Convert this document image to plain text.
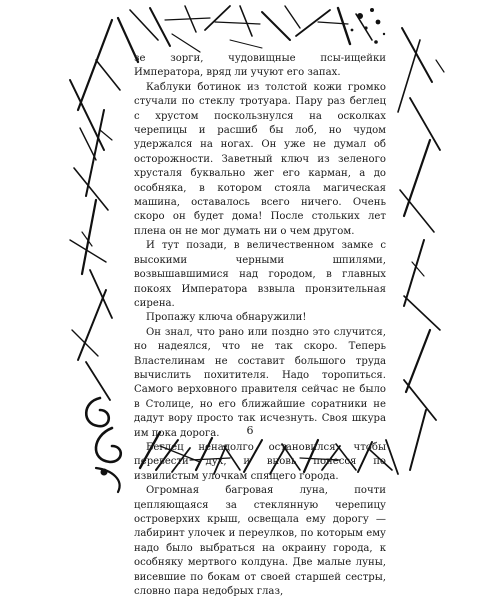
зе зорги, чудовищные псы-ищейки Императора, вряд ли учуют его запах.

Каблуки ботинок из толстой кожи громко стучали по стеклу тротуара. Пару раз беглец с хрустом поскользнулся на осколках черепицы и расшиб бы лоб, но чудом удержался на ногах. Он уже не думал об осторожности. Заветный ключ из зеленого хрусталя буквально жег его карман, а до особняка, в котором стояла магическая машина, оставалось всего ничего. Очень скоро он будет дома! После стольких лет плена он не мог думать ни о чем другом.

И тут позади, в величественном замке с высокими черными шпилями, возвышавшимися над городом, в главных покоях Императора взвыла пронзительная сирена.

Пропажу ключа обнаружили!

Он знал, что рано или поздно это случится, но надеялся, что не так скоро. Теперь Властелинам не составит большого труда вычислить похитителя. Надо торопиться. Самого верховного правителя сейчас не было в Столице, но его ближайшие соратники не дадут вору просто так исчезнуть. Своя шкура им пока дорога.

Беглец ненадолго остановился, чтобы перевести дух, и вновь понесся по извилистым улочкам спящего города.

Огромная багровая луна, почти цепляющаяся за стеклянную черепицу островерхих крыш, освещала ему дорогу — лабиринт улочек и переулков, по которым ему надо было выбраться на окраину города, к особняку мертвого колдуна. Две малые луны, висевшие по бокам от своей старшей сестры, словно пара недобрых глаз,

6
